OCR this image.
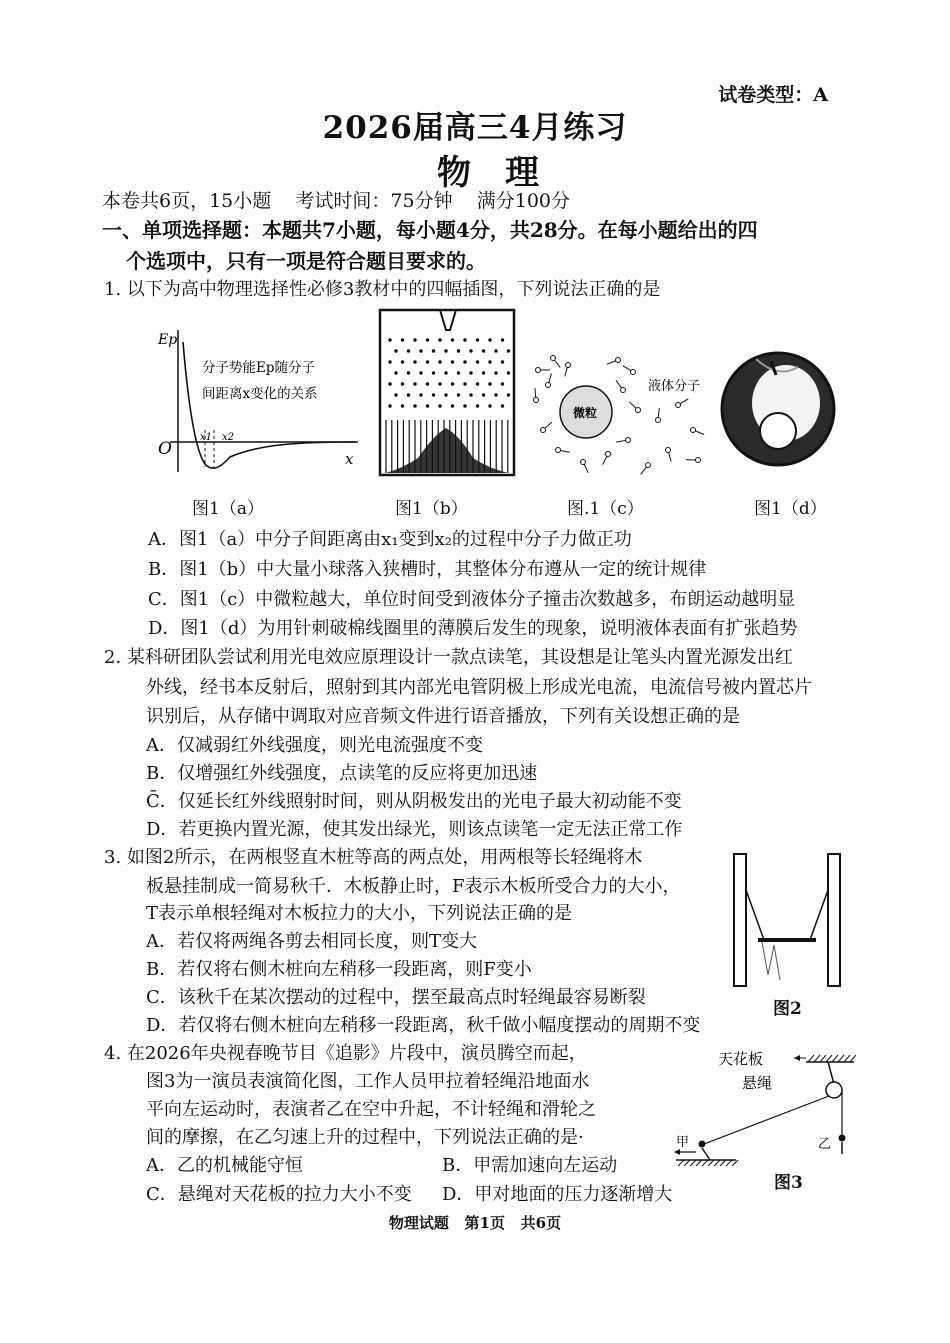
试卷类型：A
2026届高三4月练习
物理
本卷共6页，15小题    考试时间：75分钟    满分100分
一、单项选择题：本题共7小题，每小题4分，共28分。在每小题给出的四
个选项中，只有一项是符合题目要求的。
1. 以下为高中物理选择性必修3教材中的四幅插图，下列说法正确的是
Ep
O	x
x1 x2
分子势能Ep随分子
间距离x变化的关系
微粒
液体分子
图1（a）	图1（b）	图.1（c）	图1（d）
A．图1（a）中分子间距离由x₁变到x₂的过程中分子力做正功
B．图1（b）中大量小球落入狭槽时，其整体分布遵从一定的统计规律
C．图1（c）中微粒越大，单位时间受到液体分子撞击次数越多，布朗运动越明显
D．图1（d）为用针刺破棉线圈里的薄膜后发生的现象，说明液体表面有扩张趋势
2. 某科研团队尝试利用光电效应原理设计一款点读笔，其设想是让笔头内置光源发出红
外线，经书本反射后，照射到其内部光电管阴极上形成光电流，电流信号被内置芯片
识别后，从存储中调取对应音频文件进行语音播放，下列有关设想正确的是
A．仅减弱红外线强度，则光电流强度不变
B．仅增强红外线强度，点读笔的反应将更加迅速
C̄．仅延长红外线照射时间，则从阴极发出的光电子最大初动能不变
D．若更换内置光源，使其发出绿光，则该点读笔一定无法正常工作
3. 如图2所示，在两根竖直木桩等高的两点处，用两根等长轻绳将木
板悬挂制成一简易秋千．木板静止时，F表示木板所受合力的大小，
T表示单根轻绳对木板拉力的大小，下列说法正确的是
A．若仅将两绳各剪去相同长度，则T变大
B．若仅将右侧木桩向左稍移一段距离，则F变小
C．该秋千在某次摆动的过程中，摆至最高点时轻绳最容易断裂
D．若仅将右侧木桩向左稍移一段距离，秋千做小幅度摆动的周期不变
图2
4. 在2026年央视春晚节目《追影》片段中，演员腾空而起，
图3为一演员表演简化图，工作人员甲拉着轻绳沿地面水
平向左运动时，表演者乙在空中升起，不计轻绳和滑轮之
间的摩擦，在乙匀速上升的过程中，下列说法正确的是·
A．乙的机械能守恒	B．甲需加速向左运动
C．悬绳对天花板的拉力大小不变 D．甲对地面的压力逐渐增大
天花板
悬绳
甲	乙
图3
物理试题   第1页   共6页
